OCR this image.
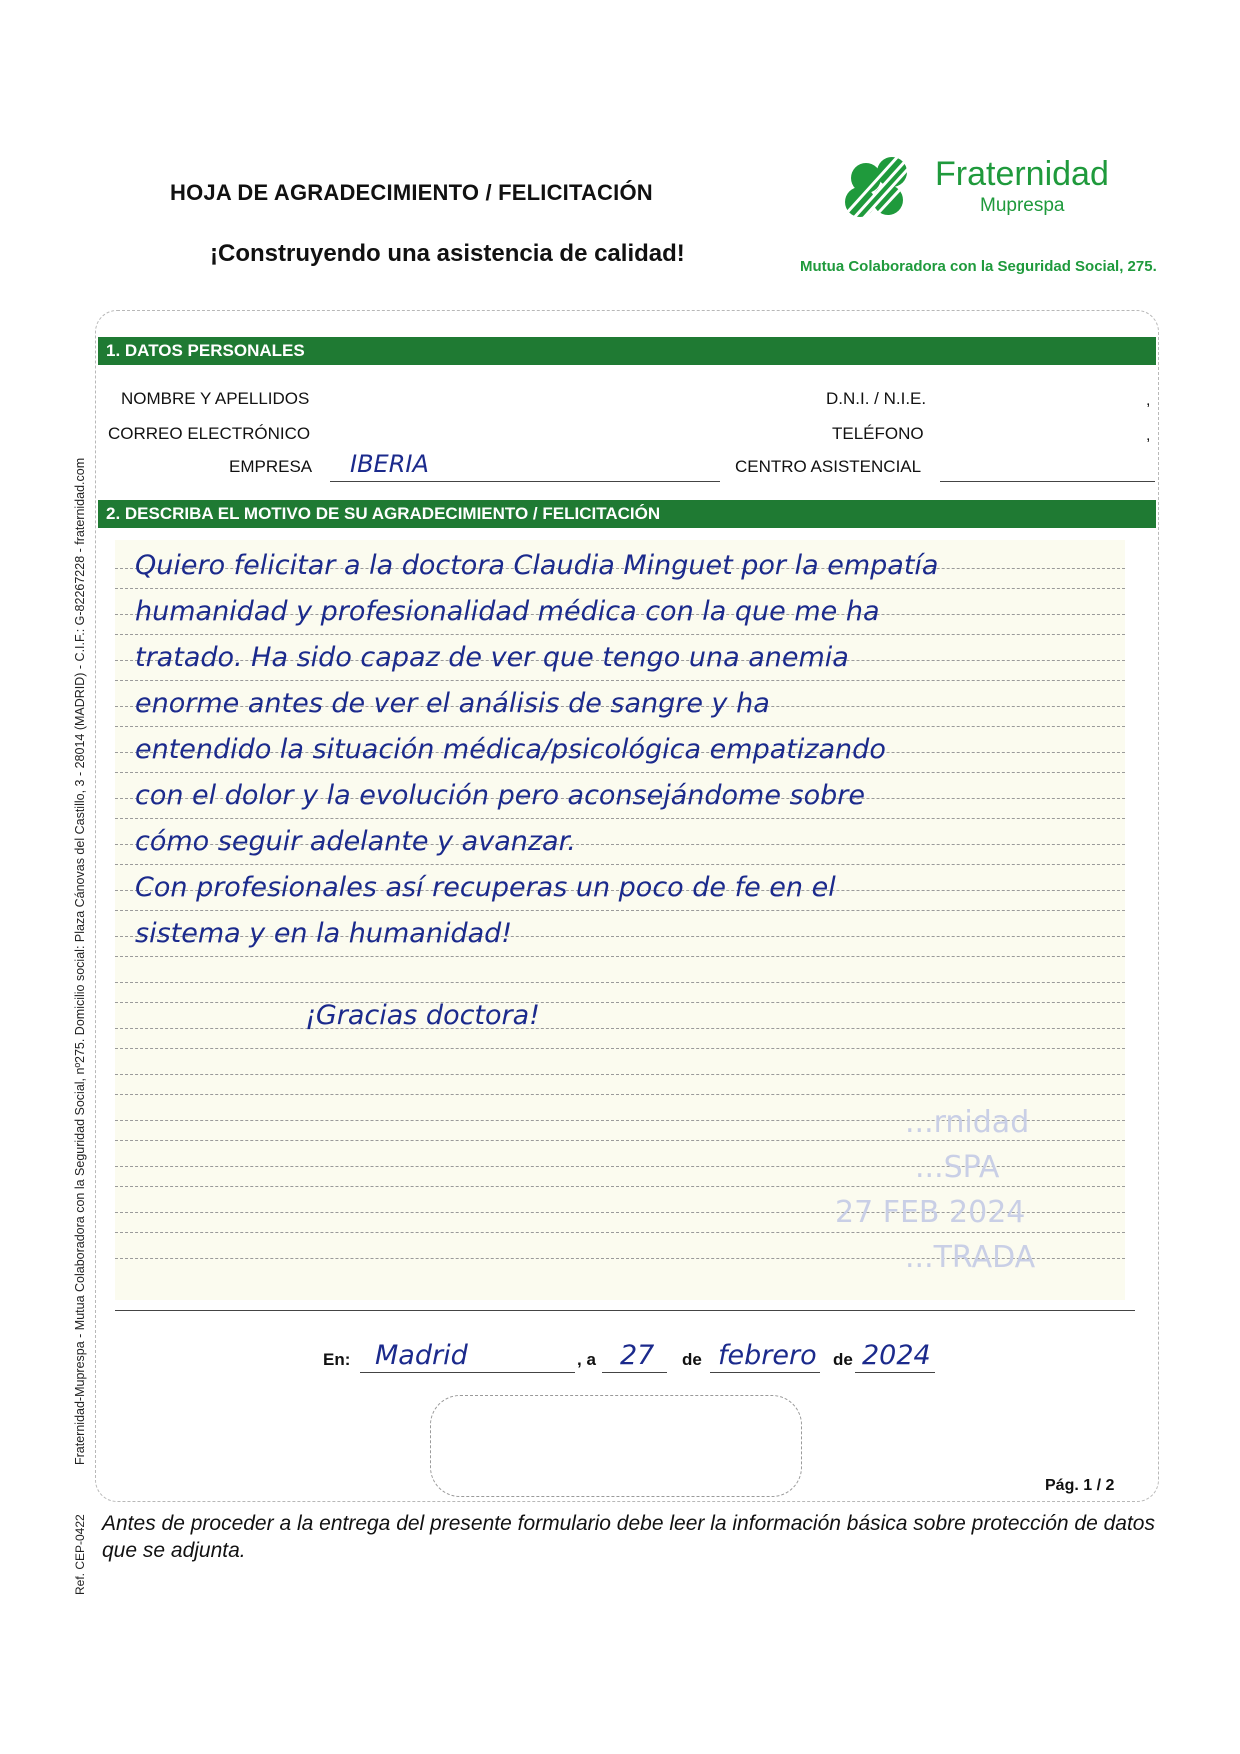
HOJA DE AGRADECIMIENTO / FELICITACIÓN
¡Construyendo una asistencia de calidad!
Fraternidad
Muprespa
Mutua Colaboradora con la Seguridad Social, 275.
1. DATOS PERSONALES
NOMBRE Y APELLIDOS	D.N.I. / N.I.E.	,
CORREO ELECTRÓNICO	TELÉFONO	,
EMPRESA IBERIA	CENTRO ASISTENCIAL
2. DESCRIBA EL MOTIVO DE SU AGRADECIMIENTO / FELICITACIÓN
Quiero felicitar a la doctora Claudia Minguet por la empatía
humanidad y profesionalidad médica con la que me ha
tratado. Ha sido capaz de ver que tengo una anemia
enorme antes de ver el análisis de sangre y ha
entendido la situación médica/psicológica empatizando
con el dolor y la evolución pero aconsejándome sobre
cómo seguir adelante y avanzar.
Con profesionales así recuperas un poco de fe en el
sistema y en la humanidad!
¡Gracias doctora!
...rnidad
...SPA
27 FEB 2024
...TRADA
En: Madrid	, a 27 de febrero de 2024
Pág. 1 / 2
Antes de proceder a la entrega del presente formulario debe leer la información básica sobre protección de datos que se adjunta.
Fraternidad-Muprespa - Mutua Colaboradora con la Seguridad Social, nº275. Domicilio social: Plaza Cánovas del Castillo, 3 - 28014 (MADRID) - C.I.F.: G-82267228 - fraternidad.com
Ref. CEP-0422
